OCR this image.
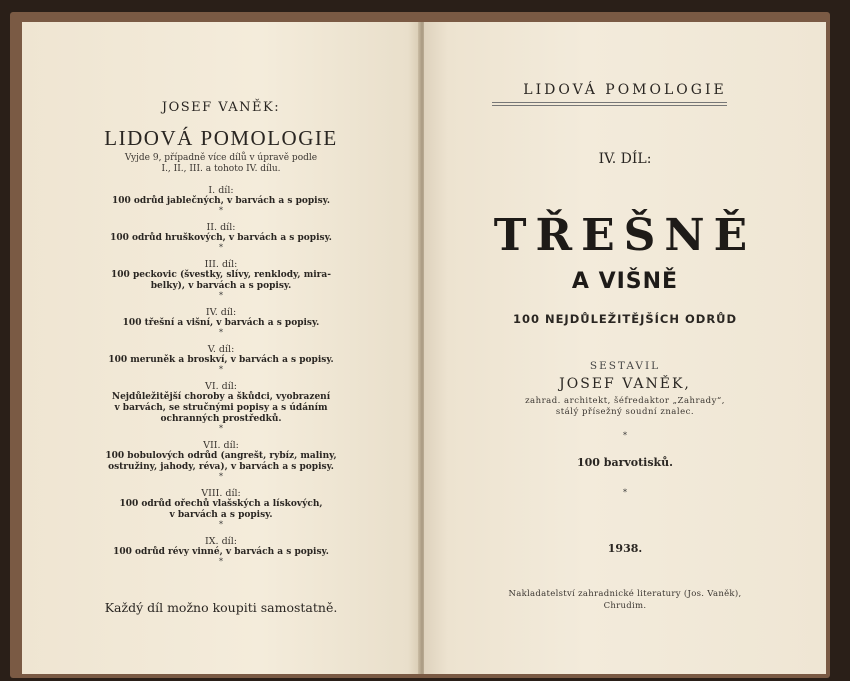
JOSEF VANĚK:
LIDOVÁ POMOLOGIE
Vyjde 9, případně více dílů v úpravě podle
I., II., III. a tohoto IV. dílu.
I. díl:
100 odrůd jablečných, v barvách a s popisy.
*
II. díl:
100 odrůd hruškových, v barvách a s popisy.
*
III. díl:
100 peckovic (švestky, slívy, renklody, mira-
belky), v barvách a s popisy.
*
IV. díl:
100 třešní a višní, v barvách a s popisy.
*
V. díl:
100 meruněk a broskví, v barvách a s popisy.
*
VI. díl:
Nejdůležitější choroby a škůdci, vyobrazení
v barvách, se stručnými popisy a s údáním
ochranných prostředků.
*
VII. díl:
100 bobulových odrůd (angrešt, rybíz, maliny,
ostružiny, jahody, réva), v barvách a s popisy.
*
VIII. díl:
100 odrůd ořechů vlašských a lískových,
v barvách a s popisy.
*
IX. díl:
100 odrůd révy vinné, v barvách a s popisy.
*
Každý díl možno koupiti samostatně.
LIDOVÁ POMOLOGIE
IV. DÍL:
TŘEŠNĚ
A VIŠNĚ
100 NEJDŮLEŽITĚJŠÍCH ODRŮD
SESTAVIL
JOSEF VANĚK,
zahrad. architekt, šéfredaktor „Zahrady“,
stálý přísežný soudní znalec.
*
100 barvotisků.
*
1938.
Nakladatelství zahradnické literatury (Jos. Vaněk),
Chrudim.
